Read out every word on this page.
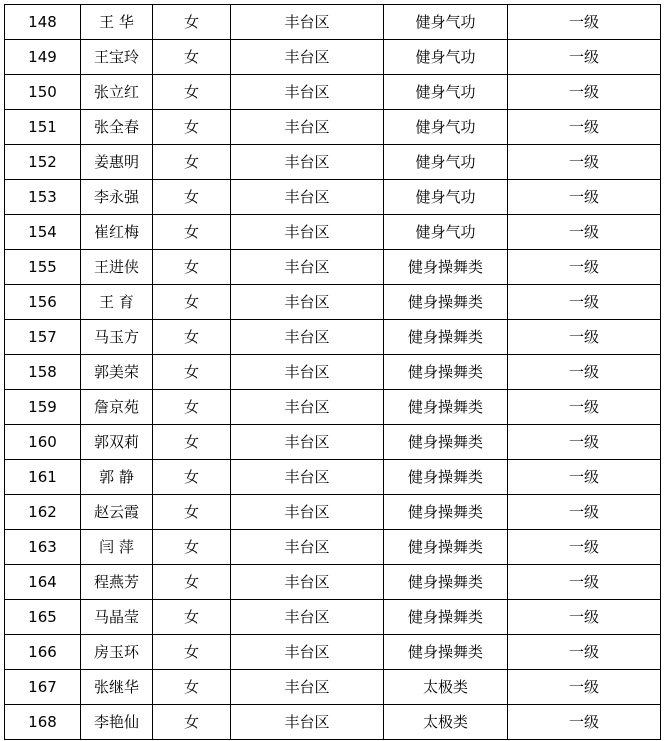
148	王 华	女	丰台区	健身气功	一级
149	王宝玲	女	丰台区	健身气功	一级
150	张立红	女	丰台区	健身气功	一级
151	张全春	女	丰台区	健身气功	一级
152	姜惠明	女	丰台区	健身气功	一级
153	李永强	女	丰台区	健身气功	一级
154	崔红梅	女	丰台区	健身气功	一级
155	王进侠	女	丰台区	健身操舞类	一级
156	王 育	女	丰台区	健身操舞类	一级
157	马玉方	女	丰台区	健身操舞类	一级
158	郭美荣	女	丰台区	健身操舞类	一级
159	詹京苑	女	丰台区	健身操舞类	一级
160	郭双莉	女	丰台区	健身操舞类	一级
161	郭 静	女	丰台区	健身操舞类	一级
162	赵云霞	女	丰台区	健身操舞类	一级
163	闫 萍	女	丰台区	健身操舞类	一级
164	程燕芳	女	丰台区	健身操舞类	一级
165	马晶莹	女	丰台区	健身操舞类	一级
166	房玉环	女	丰台区	健身操舞类	一级
167	张继华	女	丰台区	太极类	一级
168	李艳仙	女	丰台区	太极类	一级
